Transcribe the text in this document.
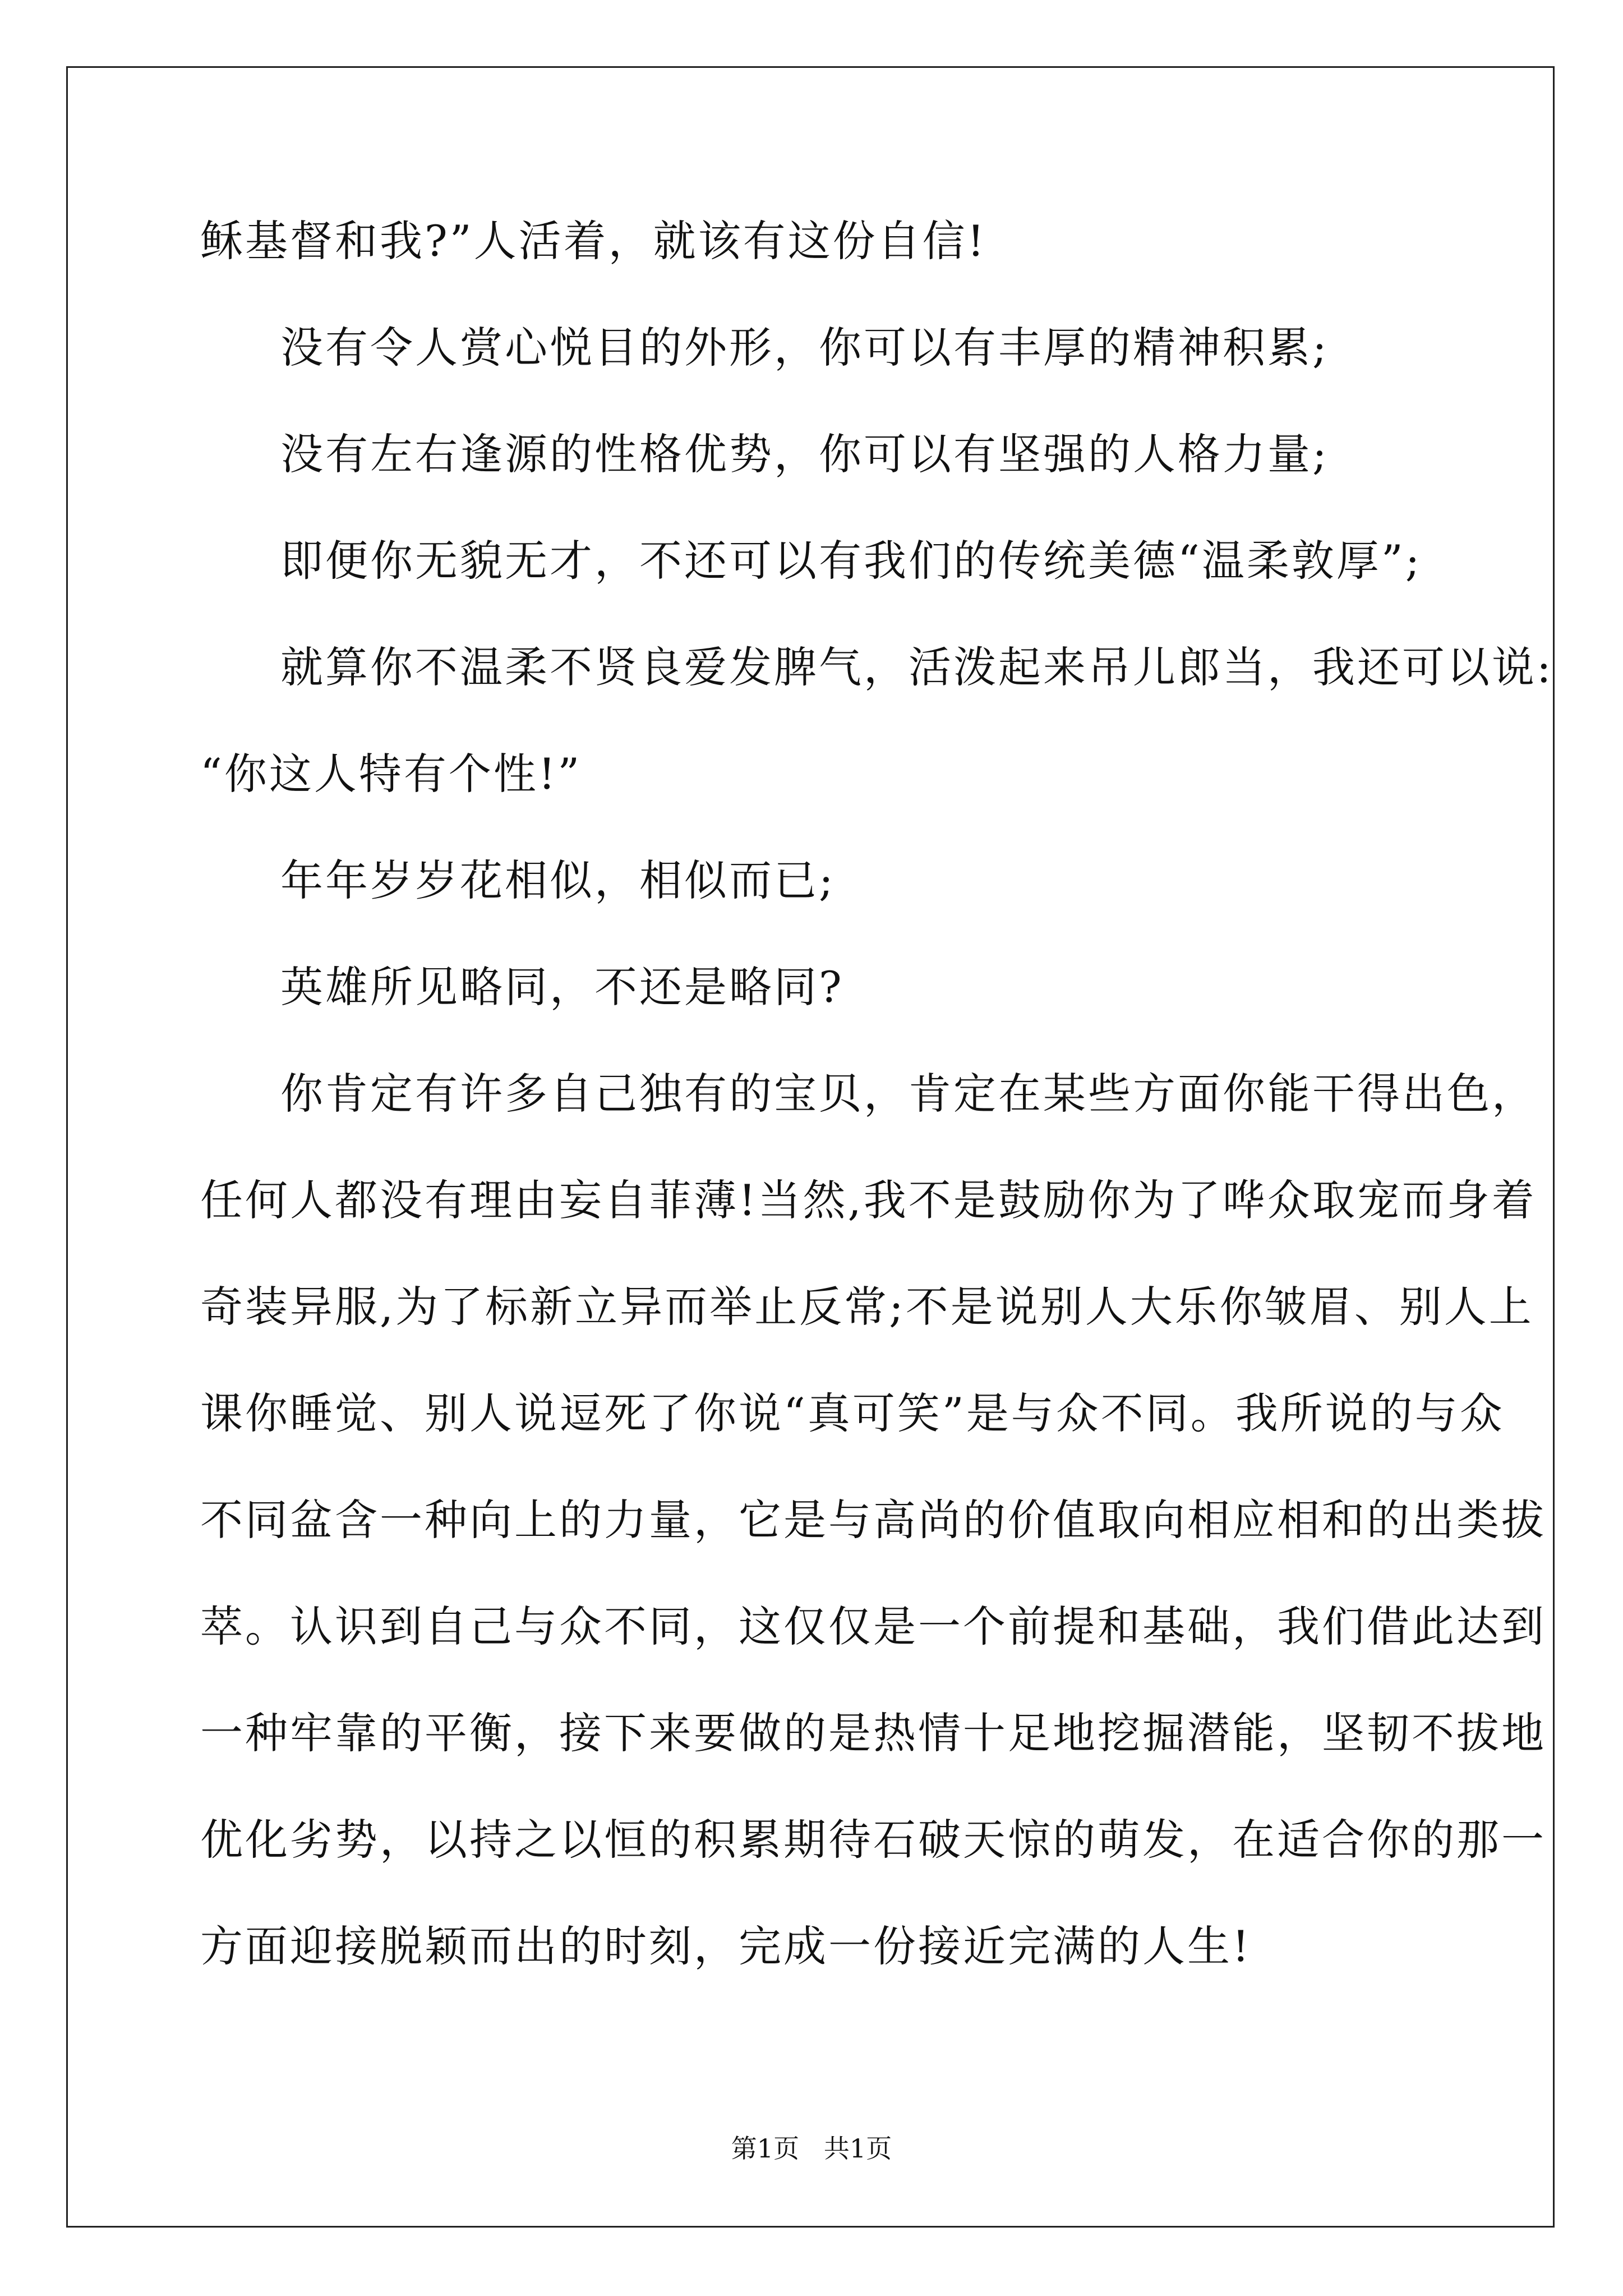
稣基督和我?”人活着，就该有这份自信!
没有令人赏心悦目的外形，你可以有丰厚的精神积累;
没有左右逢源的性格优势，你可以有坚强的人格力量;
即便你无貌无才，不还可以有我们的传统美德“温柔敦厚”;
就算你不温柔不贤良爱发脾气，活泼起来吊儿郎当，我还可以说:
“你这人特有个性!”
年年岁岁花相似，相似而已;
英雄所见略同，不还是略同?
你肯定有许多自己独有的宝贝，肯定在某些方面你能干得出色，
任何人都没有理由妄自菲薄!当然,我不是鼓励你为了哗众取宠而身着
奇装异服,为了标新立异而举止反常;不是说别人大乐你皱眉、别人上
课你睡觉、别人说逗死了你说“真可笑”是与众不同。我所说的与众
不同盆含一种向上的力量，它是与高尚的价值取向相应相和的出类拔
萃。认识到自己与众不同，这仅仅是一个前提和基础，我们借此达到
一种牢靠的平衡，接下来要做的是热情十足地挖掘潜能，坚韧不拔地
优化劣势，以持之以恒的积累期待石破天惊的萌发，在适合你的那一
方面迎接脱颖而出的时刻，完成一份接近完满的人生!
第1页   共1页
